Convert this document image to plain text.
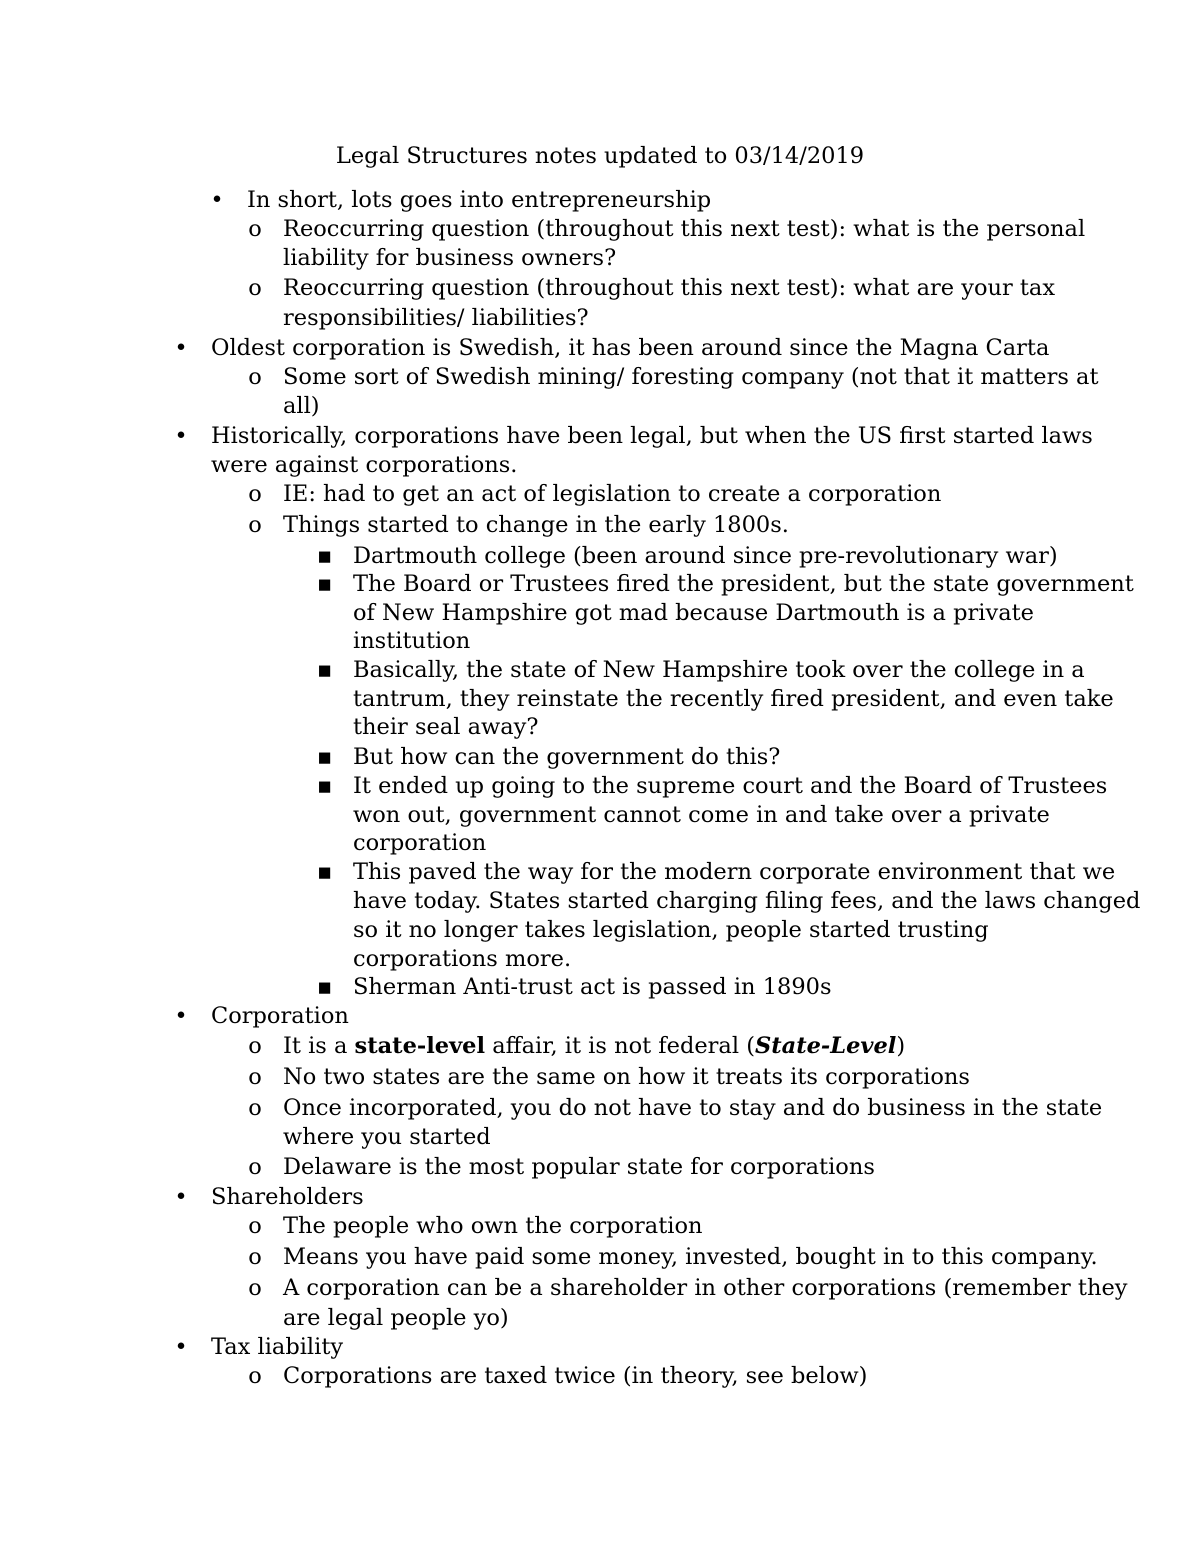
Legal Structures notes updated to 03/14/2019
• In short, lots goes into entrepreneurship
o Reoccurring question (throughout this next test): what is the personal
liability for business owners?
o Reoccurring question (throughout this next test): what are your tax
responsibilities/ liabilities?
• Oldest corporation is Swedish, it has been around since the Magna Carta
o Some sort of Swedish mining/ foresting company (not that it matters at
all)
• Historically, corporations have been legal, but when the US first started laws
were against corporations.
o IE: had to get an act of legislation to create a corporation
o Things started to change in the early 1800s.
▪ Dartmouth college (been around since pre-revolutionary war)
▪ The Board or Trustees fired the president, but the state government
of New Hampshire got mad because Dartmouth is a private
institution
▪ Basically, the state of New Hampshire took over the college in a
tantrum, they reinstate the recently fired president, and even take
their seal away?
▪ But how can the government do this?
▪ It ended up going to the supreme court and the Board of Trustees
won out, government cannot come in and take over a private
corporation
▪ This paved the way for the modern corporate environment that we
have today. States started charging filing fees, and the laws changed
so it no longer takes legislation, people started trusting
corporations more.
▪ Sherman Anti-trust act is passed in 1890s
• Corporation
o It is a state-level affair, it is not federal (State-Level)
o No two states are the same on how it treats its corporations
o Once incorporated, you do not have to stay and do business in the state
where you started
o Delaware is the most popular state for corporations
• Shareholders
o The people who own the corporation
o Means you have paid some money, invested, bought in to this company.
o A corporation can be a shareholder in other corporations (remember they
are legal people yo)
• Tax liability
o Corporations are taxed twice (in theory, see below)
